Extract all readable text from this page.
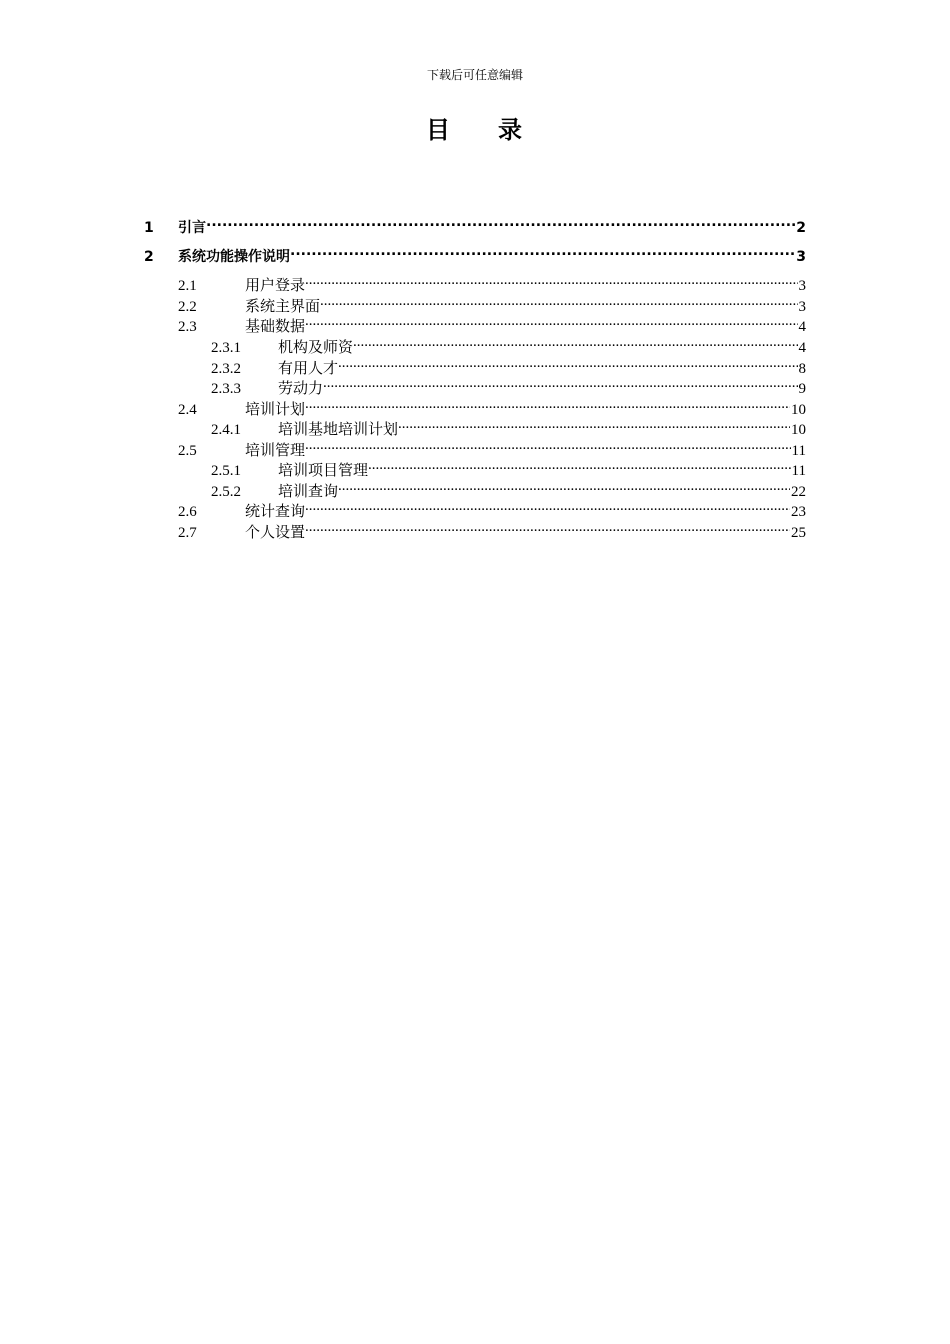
下载后可任意编辑
目 录
1	引言 .....	2
2	系统功能操作说明 .....	3
2.1	用户登录 .....	3
2.2	系统主界面 .....	3
2.3	基础数据 .....	4
2.3.1	机构及师资 .....	4
2.3.2	有用人才 .....	8
2.3.3	劳动力 .....	9
2.4	培训计划 .....	10
2.4.1	培训基地培训计划 .....	10
2.5	培训管理 .....	11
2.5.1	培训项目管理 .....	11
2.5.2	培训查询 .....	22
2.6	统计查询 .....	23
2.7	个人设置 .....	25
